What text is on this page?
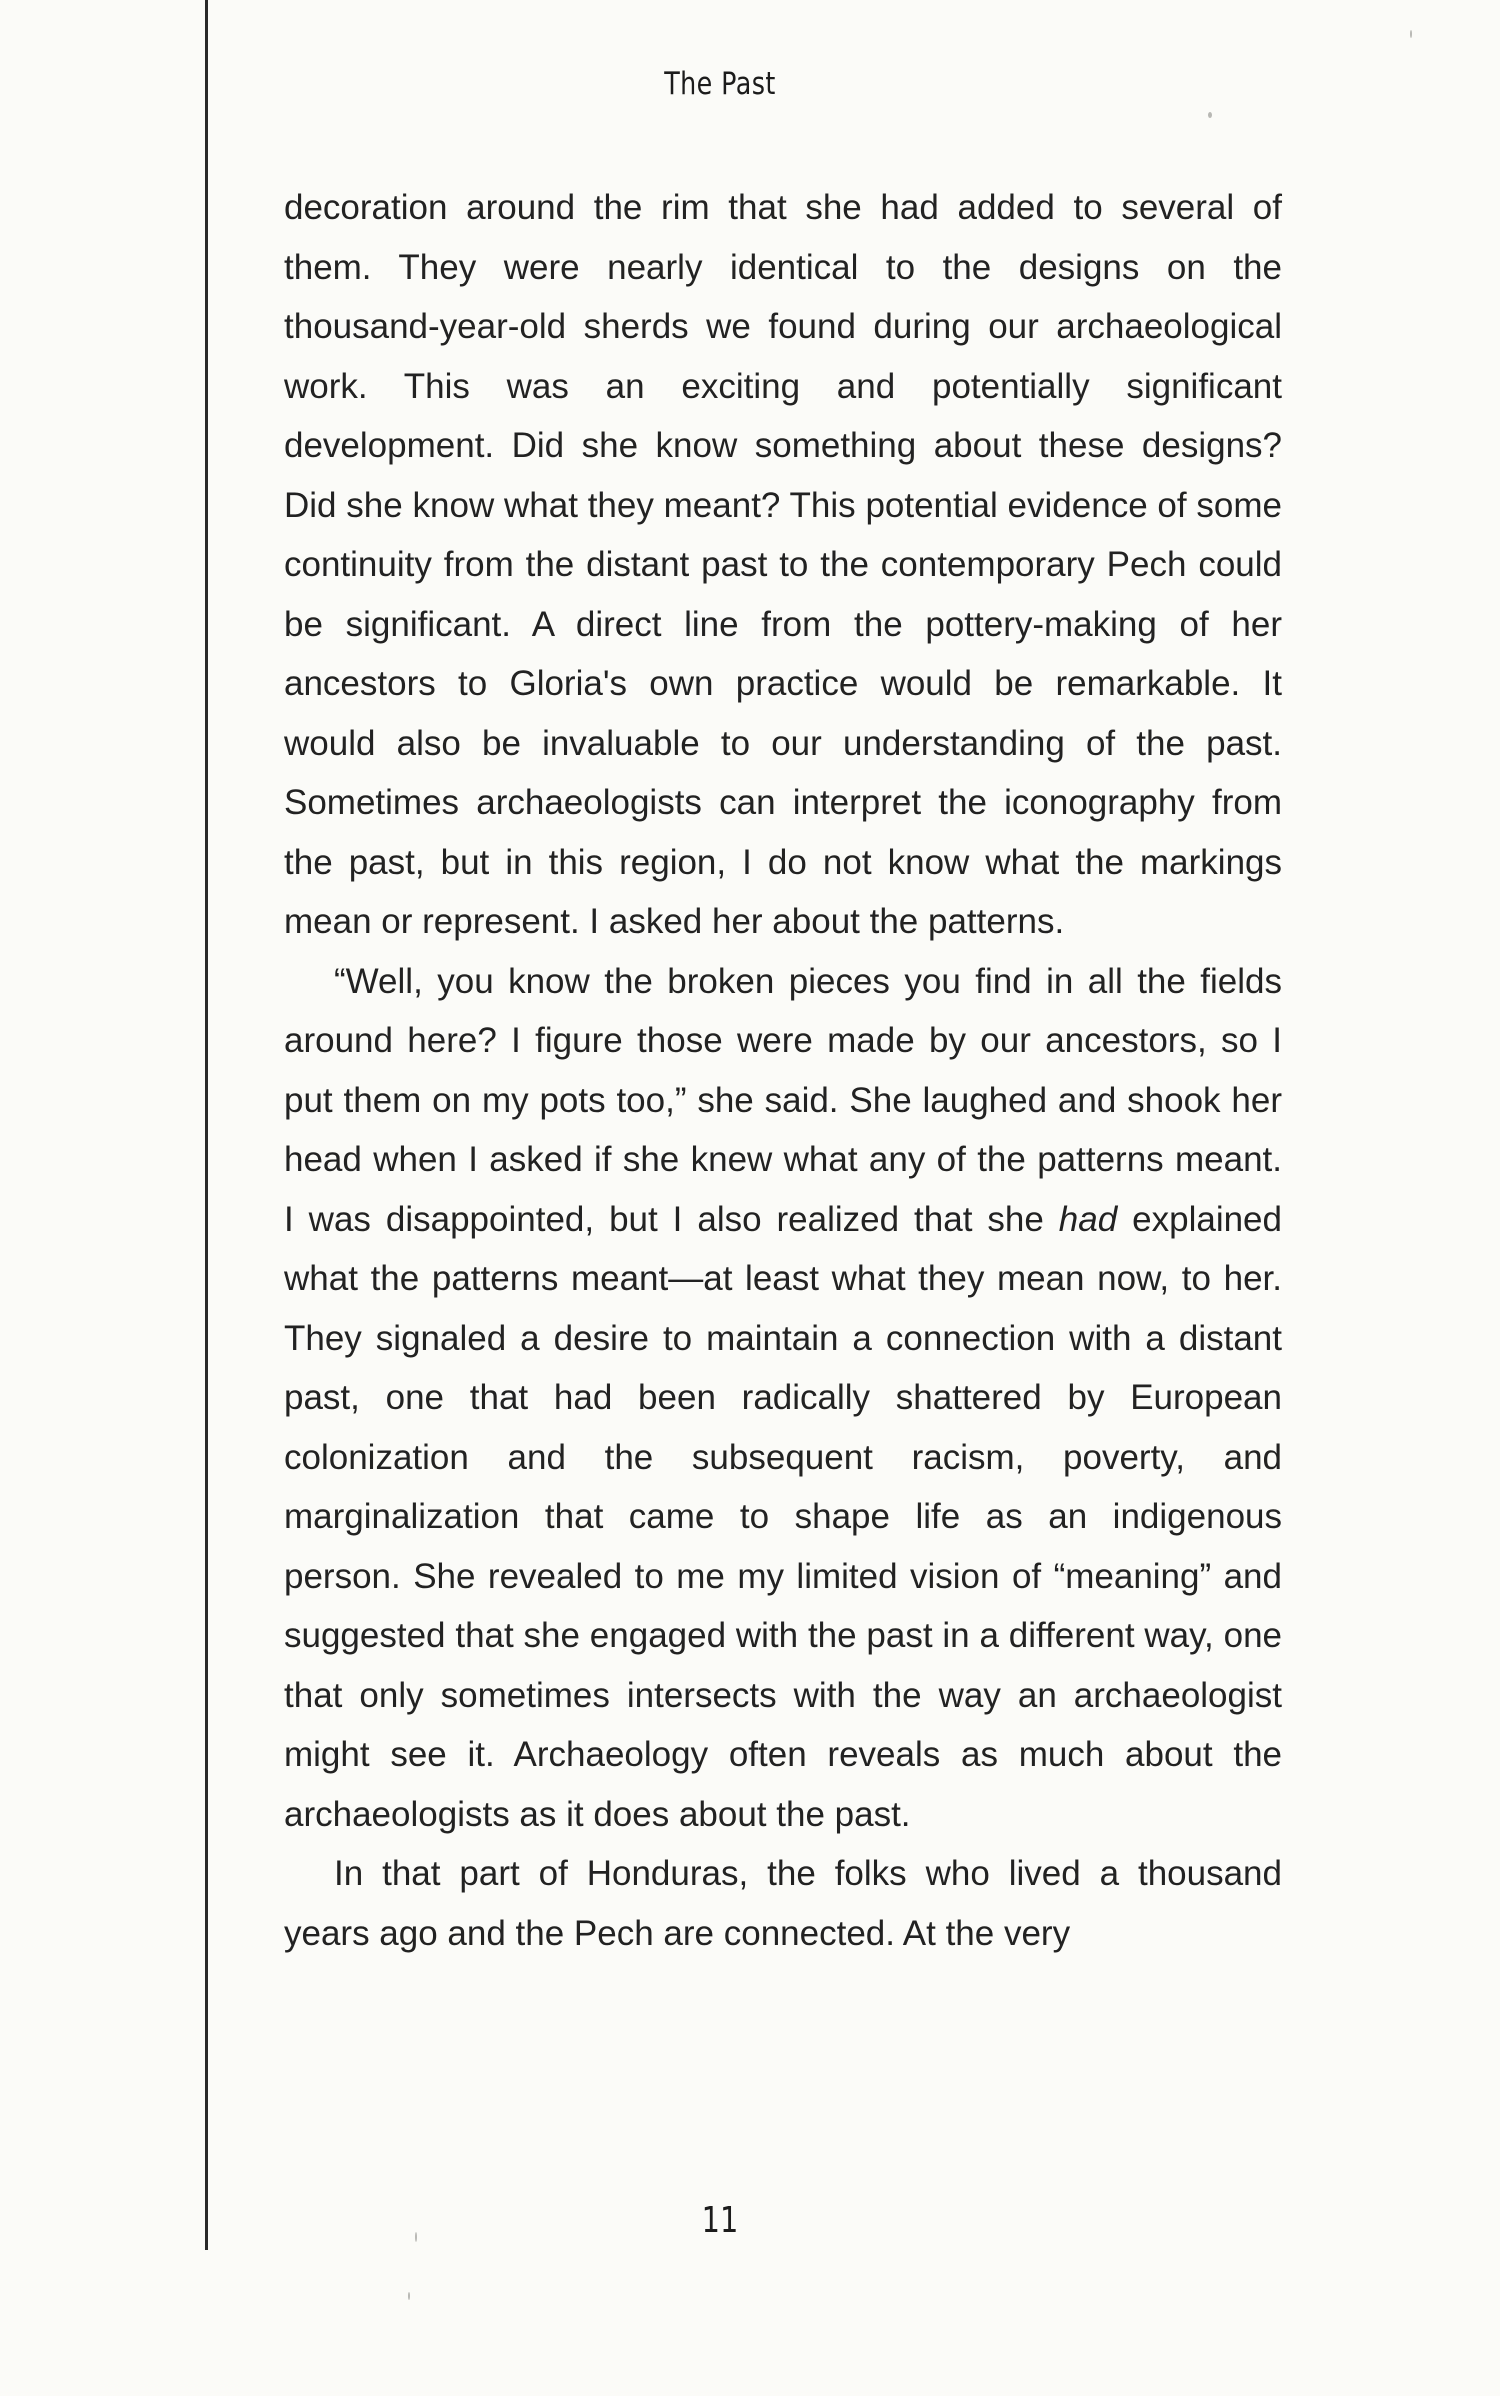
The Past

decoration around the rim that she had added to several of them. They were nearly identical to the designs on the thousand-year-old sherds we found during our archaeological work. This was an exciting and potentially significant development. Did she know something about these designs? Did she know what they meant? This potential evidence of some continuity from the distant past to the contemporary Pech could be significant. A direct line from the pottery-making of her ancestors to Gloria's own practice would be remarkable. It would also be invaluable to our understanding of the past. Sometimes archaeologists can interpret the iconography from the past, but in this region, I do not know what the markings mean or represent. I asked her about the patterns.

“Well, you know the broken pieces you find in all the fields around here? I figure those were made by our ancestors, so I put them on my pots too,” she said. She laughed and shook her head when I asked if she knew what any of the patterns meant. I was disappointed, but I also realized that she had explained what the patterns meant—at least what they mean now, to her. They signaled a desire to maintain a connection with a distant past, one that had been radically shattered by European colonization and the subsequent racism, poverty, and marginalization that came to shape life as an indigenous person. She revealed to me my limited vision of “meaning” and suggested that she engaged with the past in a different way, one that only sometimes intersects with the way an archaeologist might see it. Archaeology often reveals as much about the archaeologists as it does about the past.

In that part of Honduras, the folks who lived a thousand years ago and the Pech are connected. At the very

11
